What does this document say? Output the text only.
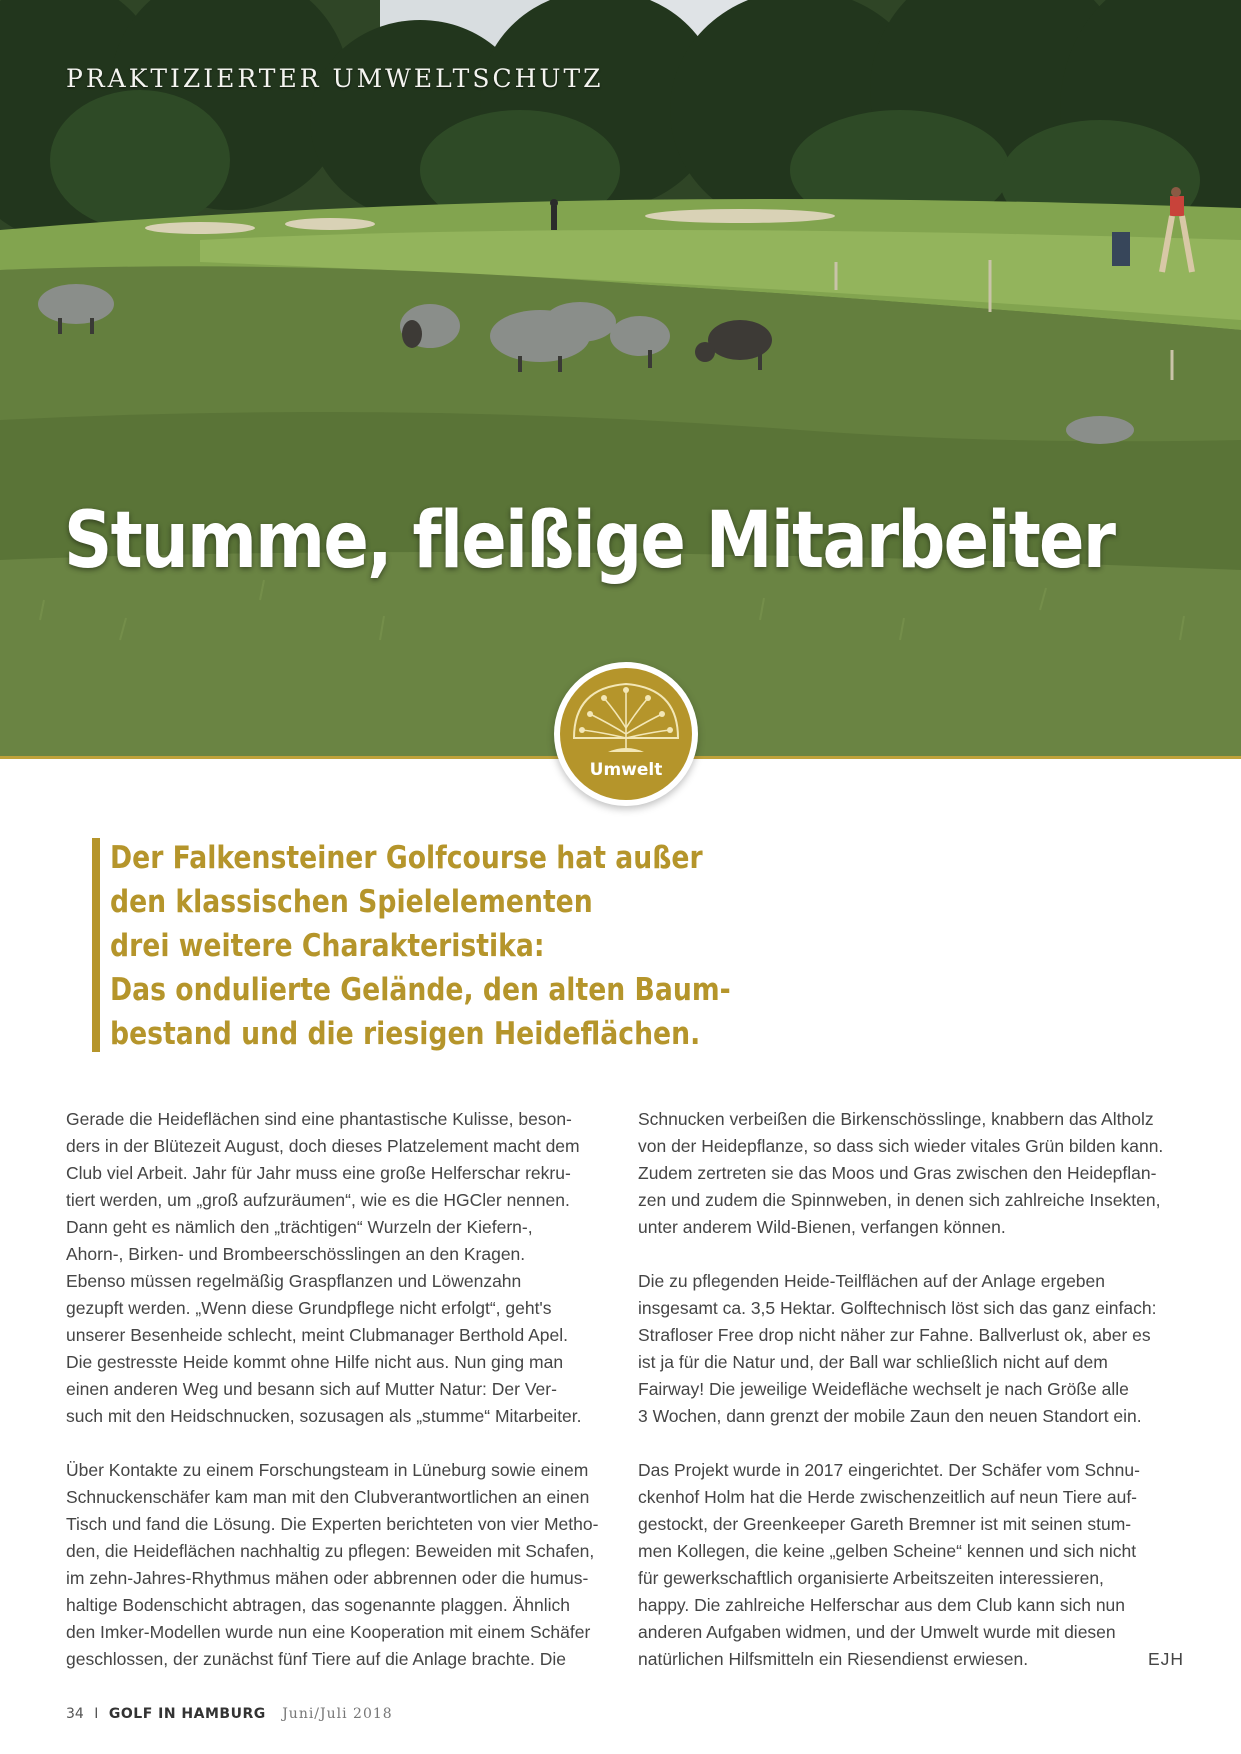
PRAKTIZIERTER UMWELTSCHUTZ
Stumme, fleißige Mitarbeiter
Umwelt
Der Falkensteiner Golfcourse hat außer
den klassischen Spielelementen
drei weitere Charakteristika:
Das ondulierte Gelände, den alten Baum-
bestand und die riesigen Heideflächen.

Gerade die Heideflächen sind eine phantastische Kulisse, beson-
ders in der Blütezeit August, doch dieses Platzelement macht dem
Club viel Arbeit. Jahr für Jahr muss eine große Helferschar rekru-
tiert werden, um „groß aufzuräumen“, wie es die HGCler nennen.
Dann geht es nämlich den „trächtigen“ Wurzeln der Kiefern-,
Ahorn-, Birken- und Brombeerschösslingen an den Kragen.
Ebenso müssen regelmäßig Graspflanzen und Löwenzahn
gezupft werden. „Wenn diese Grundpflege nicht erfolgt“, geht's
unserer Besenheide schlecht, meint Clubmanager Berthold Apel.
Die gestresste Heide kommt ohne Hilfe nicht aus. Nun ging man
einen anderen Weg und besann sich auf Mutter Natur: Der Ver-
such mit den Heidschnucken, sozusagen als „stumme“ Mitarbeiter.

Über Kontakte zu einem Forschungsteam in Lüneburg sowie einem
Schnuckenschäfer kam man mit den Clubverantwortlichen an einen
Tisch und fand die Lösung. Die Experten berichteten von vier Metho-
den, die Heideflächen nachhaltig zu pflegen: Beweiden mit Schafen,
im zehn-Jahres-Rhythmus mähen oder abbrennen oder die humus-
haltige Bodenschicht abtragen, das sogenannte plaggen. Ähnlich
den Imker-Modellen wurde nun eine Kooperation mit einem Schäfer
geschlossen, der zunächst fünf Tiere auf die Anlage brachte. Die

Schnucken verbeißen die Birkenschösslinge, knabbern das Altholz
von der Heidepflanze, so dass sich wieder vitales Grün bilden kann.
Zudem zertreten sie das Moos und Gras zwischen den Heidepflan-
zen und zudem die Spinnweben, in denen sich zahlreiche Insekten,
unter anderem Wild-Bienen, verfangen können.

Die zu pflegenden Heide-Teilflächen auf der Anlage ergeben
insgesamt ca. 3,5 Hektar. Golftechnisch löst sich das ganz einfach:
Strafloser Free drop nicht näher zur Fahne. Ballverlust ok, aber es
ist ja für die Natur und, der Ball war schließlich nicht auf dem
Fairway! Die jeweilige Weidefläche wechselt je nach Größe alle
3 Wochen, dann grenzt der mobile Zaun den neuen Standort ein.

Das Projekt wurde in 2017 eingerichtet. Der Schäfer vom Schnu-
ckenhof Holm hat die Herde zwischenzeitlich auf neun Tiere auf-
gestockt, der Greenkeeper Gareth Bremner ist mit seinen stum-
men Kollegen, die keine „gelben Scheine“ kennen und sich nicht
für gewerkschaftlich organisierte Arbeitszeiten interessieren,
happy. Die zahlreiche Helferschar aus dem Club kann sich nun
anderen Aufgaben widmen, und der Umwelt wurde mit diesen
natürlichen Hilfsmitteln ein Riesendienst erwiesen.	EJH

34 I GOLF IN HAMBURG Juni/Juli 2018
